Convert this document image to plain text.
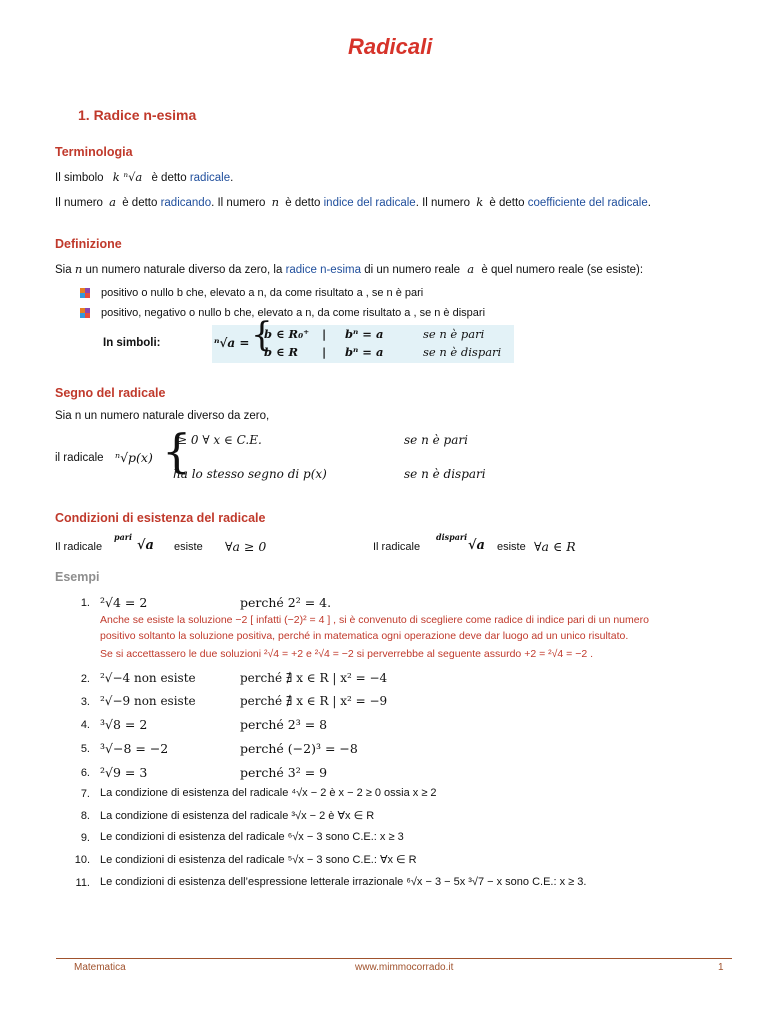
Radicali
1. Radice n-esima
Terminologia
Il simbolo k ⁿ√a è detto radicale.
Il numero a è detto radicando. Il numero n è detto indice del radicale. Il numero k è detto coefficiente del radicale.
Definizione
Sia n un numero naturale diverso da zero, la radice n-esima di un numero reale a è quel numero reale (se esiste):
positivo o nullo b che, elevato a n, da come risultato a , se n è pari
positivo, negativo o nullo b che, elevato a n, da come risultato a , se n è dispari
In simboli:	ⁿ√a = {
b ∈ R₀⁺ | bⁿ = a	se n è pari
b ∈ R | bⁿ = a	se n è dispari
Segno del radicale
Sia n un numero naturale diverso da zero,
il radicale ⁿ√p(x) {
≥ 0 ∀ x ∈ C.E.	se n è pari
ha lo stesso segno di p(x)	se n è dispari
Condizioni di esistenza del radicale
Il radicale
pari
√a esiste ∀a ≥ 0	Il radicale
dispari
√a esiste ∀a ∈ R
Esempi
1. ²√4 = 2	perché 2² = 4.
Anche se esiste la soluzione −2 [ infatti (−2)² = 4 ] , si è convenuto di scegliere come radice di indice pari di un numero
positivo soltanto la soluzione positiva, perché in matematica ogni operazione deve dar luogo ad un unico risultato.
Se si accettassero le due soluzioni ²√4 = +2 e ²√4 = −2 si perverrebbe al seguente assurdo +2 = ²√4 = −2 .
2. ²√−4 non esiste	perché ∄ x ∈ R | x² = −4
3. ²√−9 non esiste	perché ∄ x ∈ R | x² = −9
4. ³√8 = 2	perché 2³ = 8
5. ³√−8 = −2	perché (−2)³ = −8
6. ²√9 = 3	perché 3² = 9
7. La condizione di esistenza del radicale ⁴√x − 2 è x − 2 ≥ 0 ossia x ≥ 2
8. La condizione di esistenza del radicale ³√x − 2 è ∀x ∈ R
9. Le condizioni di esistenza del radicale ⁶√x − 3 sono C.E.: x ≥ 3
10. Le condizioni di esistenza del radicale ⁵√x − 3 sono C.E.: ∀x ∈ R
11. Le condizioni di esistenza dell’espressione letterale irrazionale ⁶√x − 3 − 5x ³√7 − x sono C.E.: x ≥ 3.
Matematica	www.mimmocorrado.it	1
